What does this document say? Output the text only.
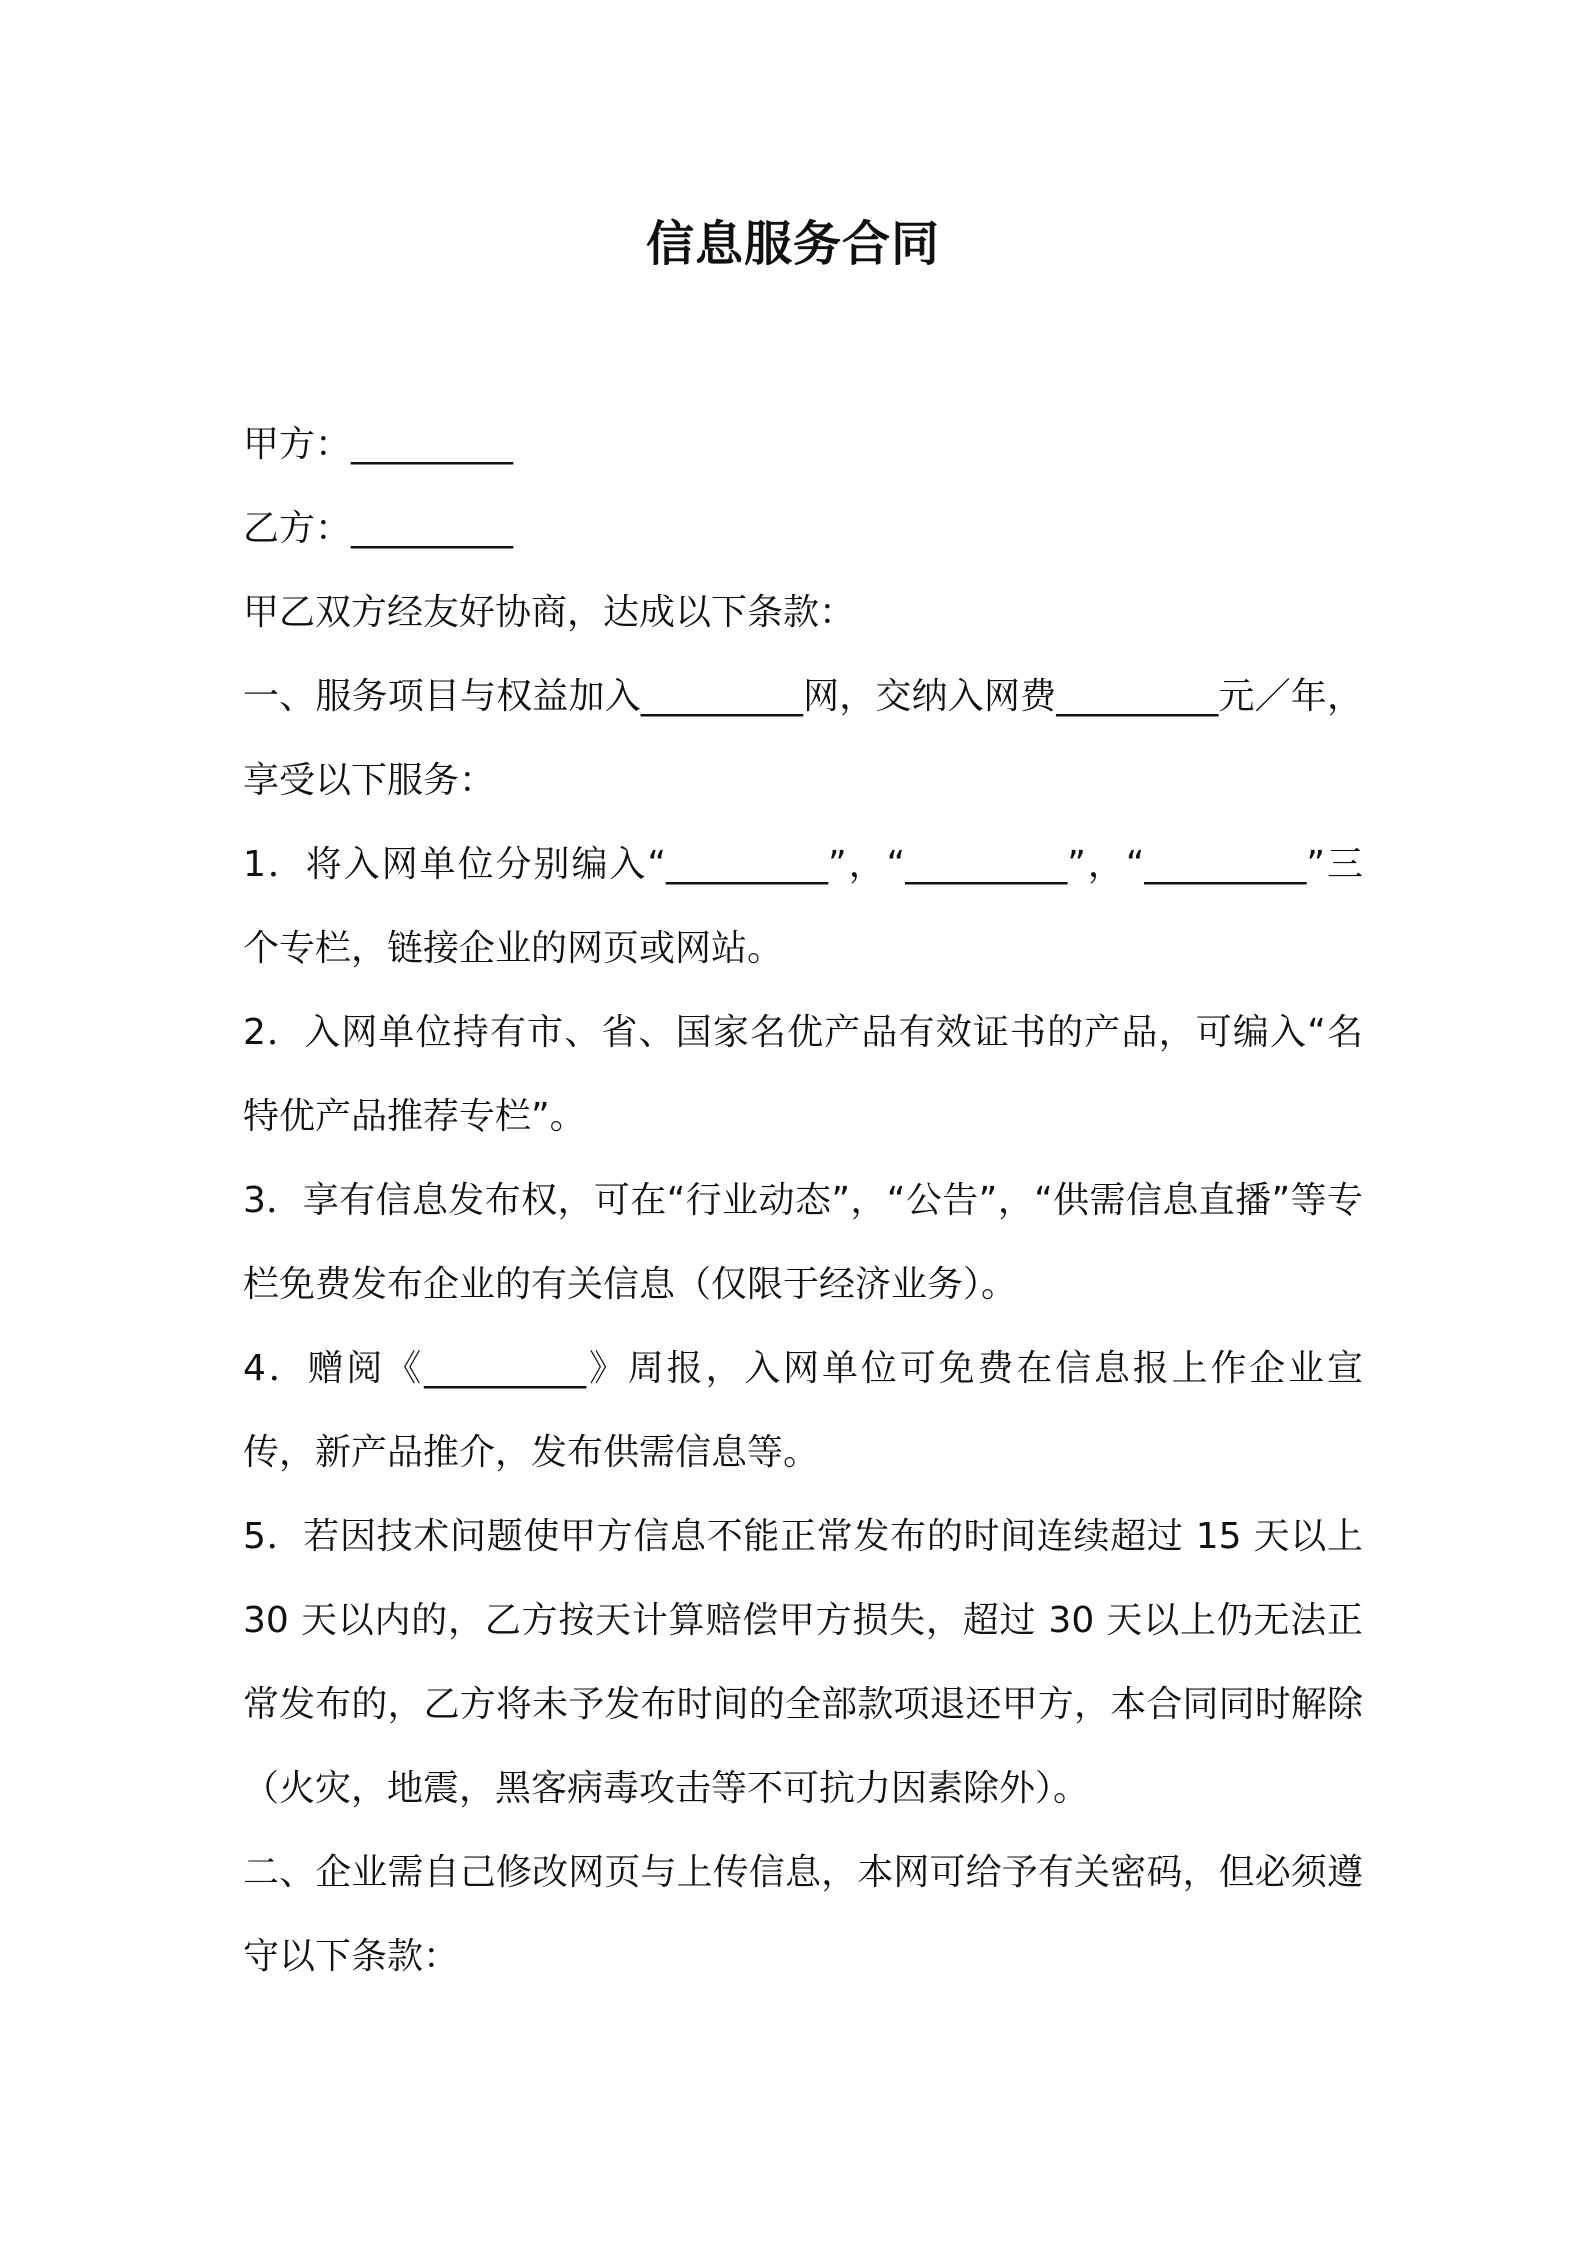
信息服务合同

甲方：_________

乙方：_________

甲乙双方经友好协商，达成以下条款：

一、服务项目与权益加入_________网，交纳入网费_________元／年，享受以下服务：

1．将入网单位分别编入“_________”，“_________”，“_________”三个专栏，链接企业的网页或网站。

2．入网单位持有市、省、国家名优产品有效证书的产品，可编入“名特优产品推荐专栏”。

3．享有信息发布权，可在“行业动态”，“公告”，“供需信息直播”等专栏免费发布企业的有关信息（仅限于经济业务）。

4．赠阅《_________》周报，入网单位可免费在信息报上作企业宣传，新产品推介，发布供需信息等。

5．若因技术问题使甲方信息不能正常发布的时间连续超过 15 天以上 30 天以内的，乙方按天计算赔偿甲方损失，超过 30 天以上仍无法正常发布的，乙方将未予发布时间的全部款项退还甲方，本合同同时解除（火灾，地震，黑客病毒攻击等不可抗力因素除外）。

二、企业需自己修改网页与上传信息，本网可给予有关密码，但必须遵守以下条款：
